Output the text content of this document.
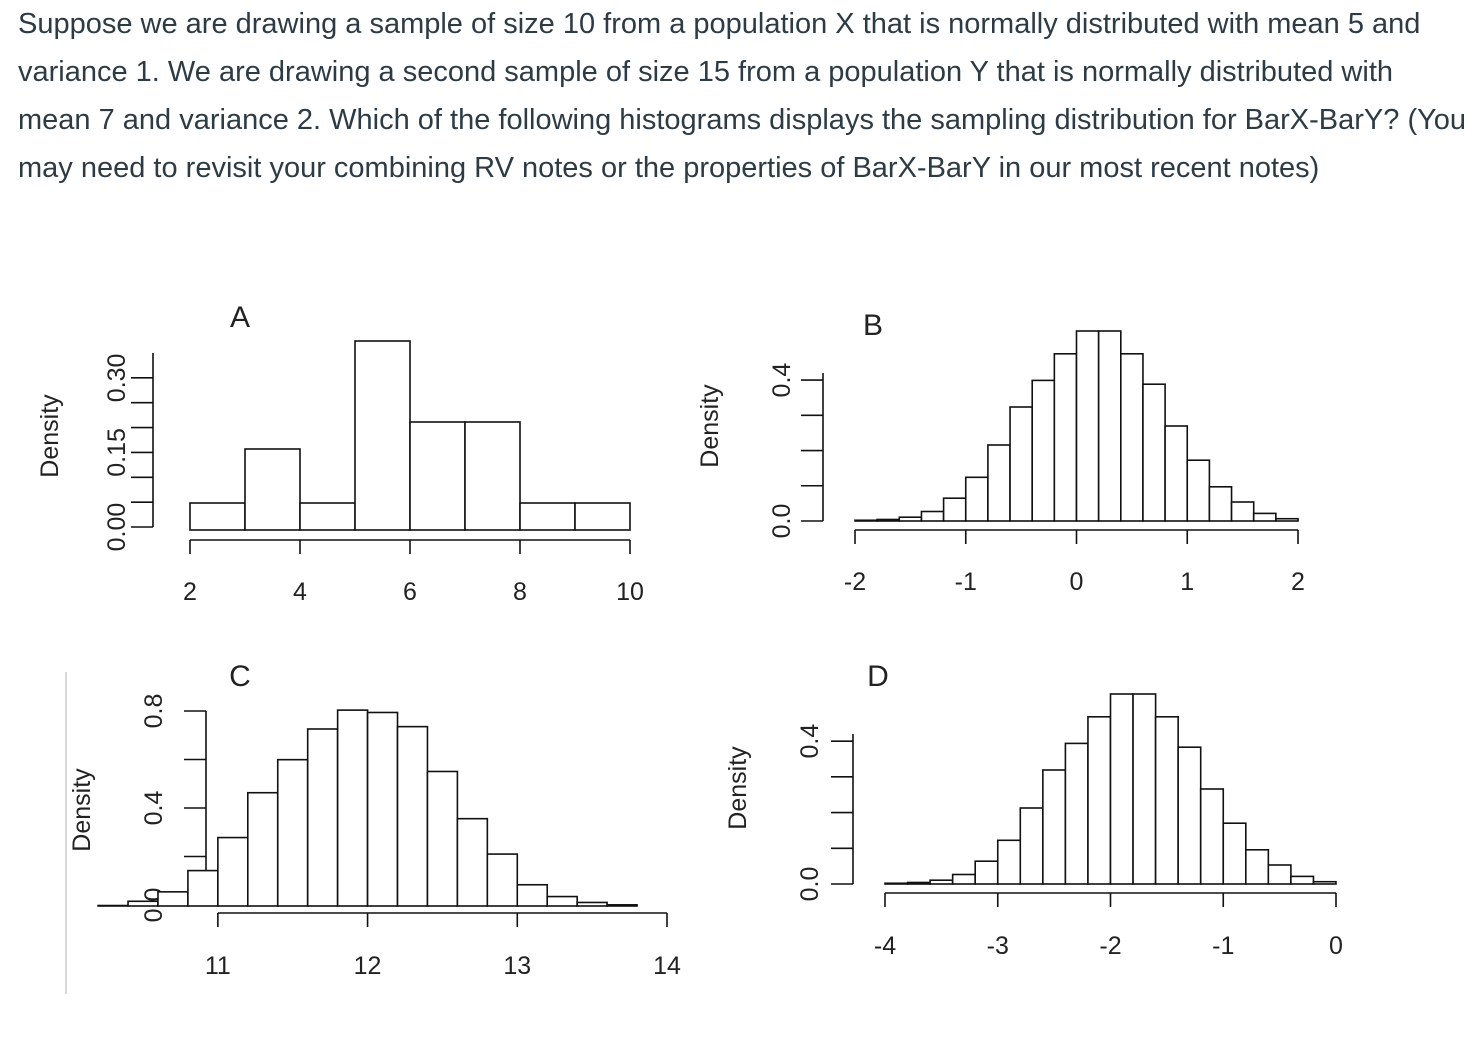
Suppose we are drawing a sample of size 10 from a population X that is normally distributed with mean 5 and variance 1. We are drawing a second sample of size 15 from a population Y that is normally distributed with mean 7 and variance 2. Which of the following histograms displays the sampling distribution for BarX-BarY? (You may need to revisit your combining RV notes or the properties of BarX-BarY in our most recent notes)

A
Density
0.00
0.15
0.30
2	4	6	8	10
B
Density
0.0
0.4
-2	-1	0	1	2
C
Density 0.4
0.8
11	12	13	14
D
Density
0.0
0.4
-4	-3	-2	-1	0
